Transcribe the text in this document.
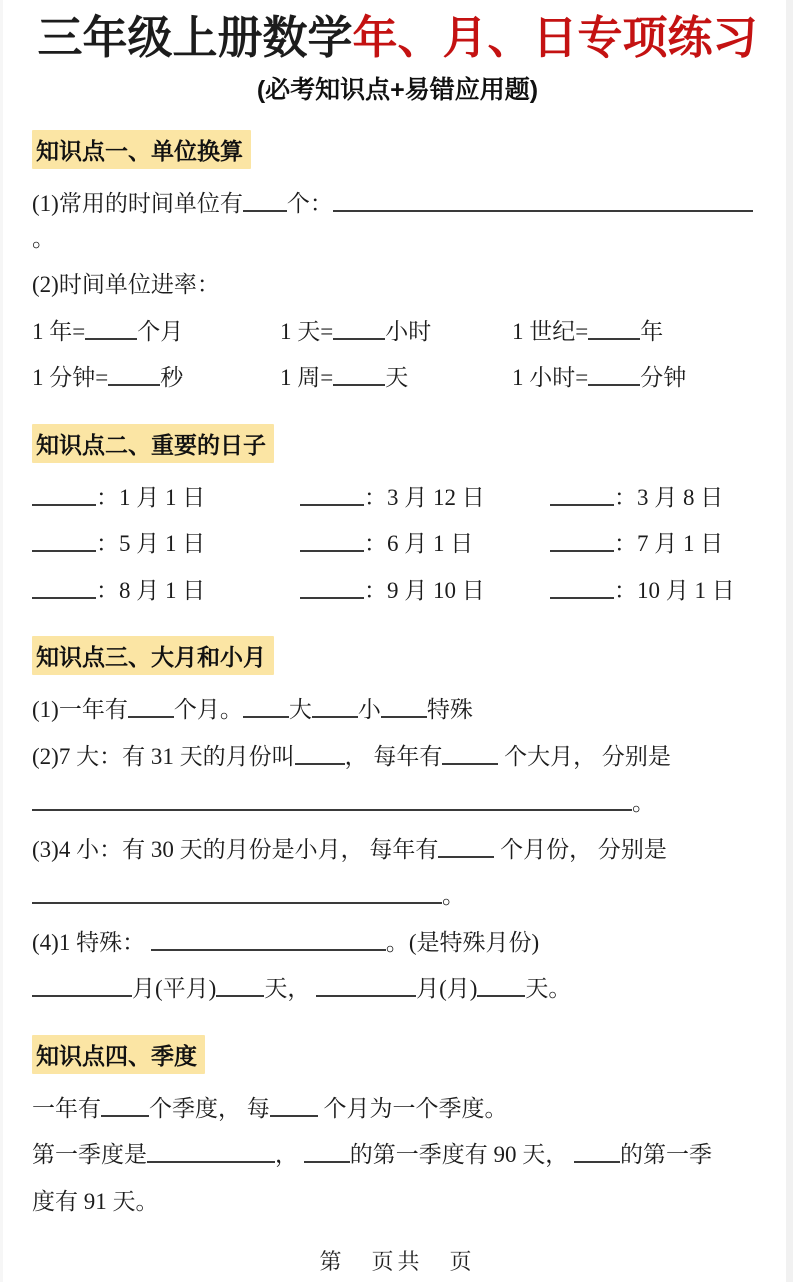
三年级上册数学年、月、日专项练习
(必考知识点+易错应用题)
知识点一、单位换算

(1)常用的时间单位有 个：。

(2)时间单位进率：

1 年= 个月	1 天= 小时	1 世纪= 年
1 分钟= 秒	1 周= 天	1 小时= 分钟
知识点二、重要的日子
：1 月 1 日	：3 月 12 日	：3 月 8 日
：5 月 1 日	：6 月 1 日	：7 月 1 日
：8 月 1 日	：9 月 10 日	：10 月 1 日
知识点三、大月和小月

(1)一年有 个月。 大 小 特殊

(2)7 大：有 31 天的月份叫 ， 每年有 个大月， 分别是

。

(3)4 小：有 30 天的月份是小月， 每年有 个月份， 分别是

。

(4)1 特殊：	。(是特殊月份)

月(平月) 天，	月(月) 天。

知识点四、季度

一年有 个季度， 每 个月为一个季度。

第一季度是	， 的第一季度有 90 天， 的第一季

度有 91 天。

第　页共　页
